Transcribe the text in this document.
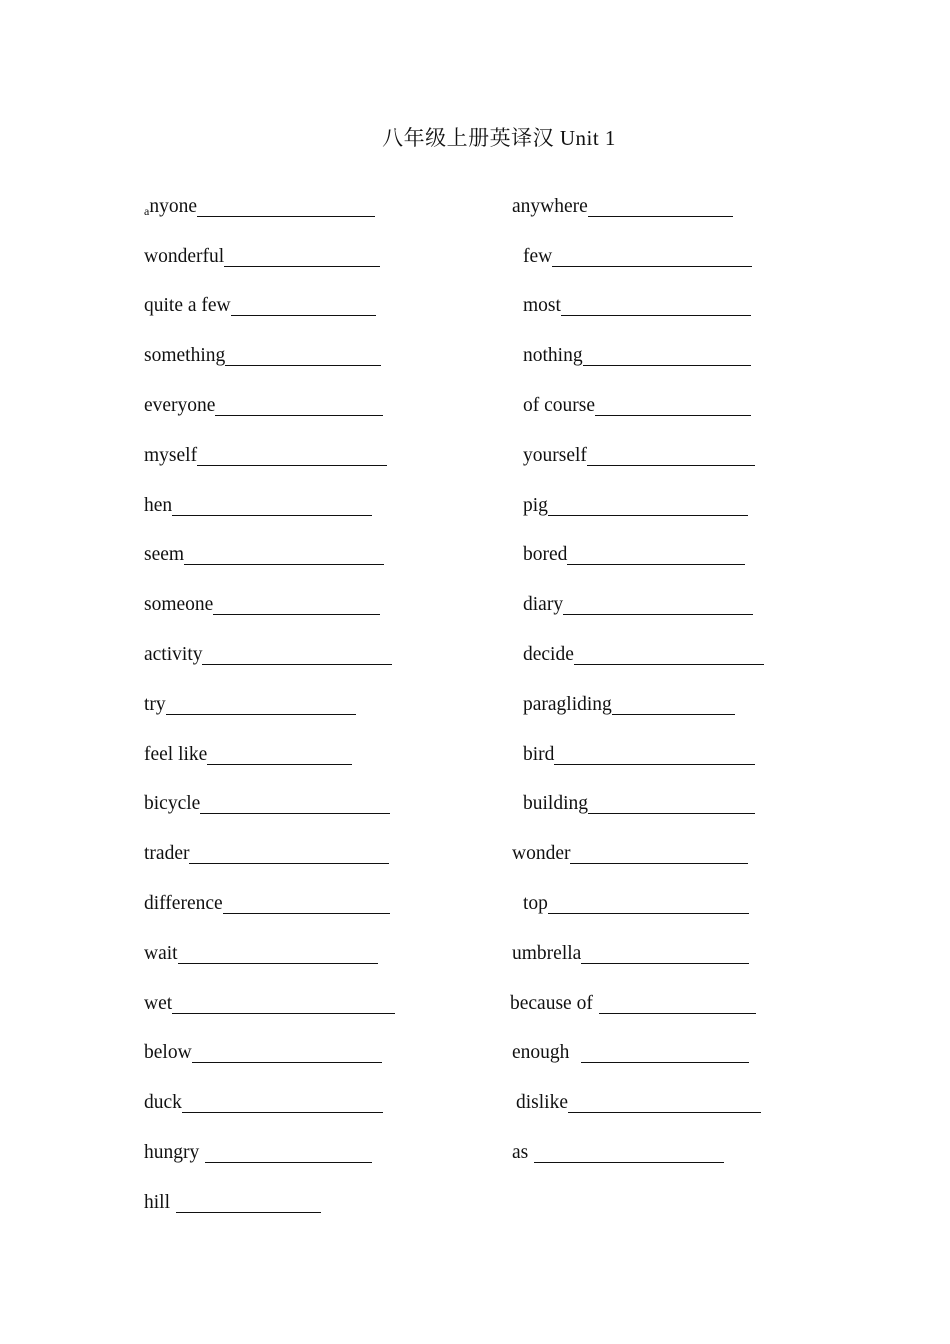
八年级上册英译汉 Unit 1
a nyone	anywhere
wonderful	few
quite a few	most
something	nothing
everyone	of course
myself	yourself
hen	pig
seem	bored
someone	diary
activity	decide
try	paragliding
feel like	bird
bicycle	building
trader	wonder
difference	top
wait	umbrella
wet	because of
below	enough
duck	dislike
hungry	as
hill
